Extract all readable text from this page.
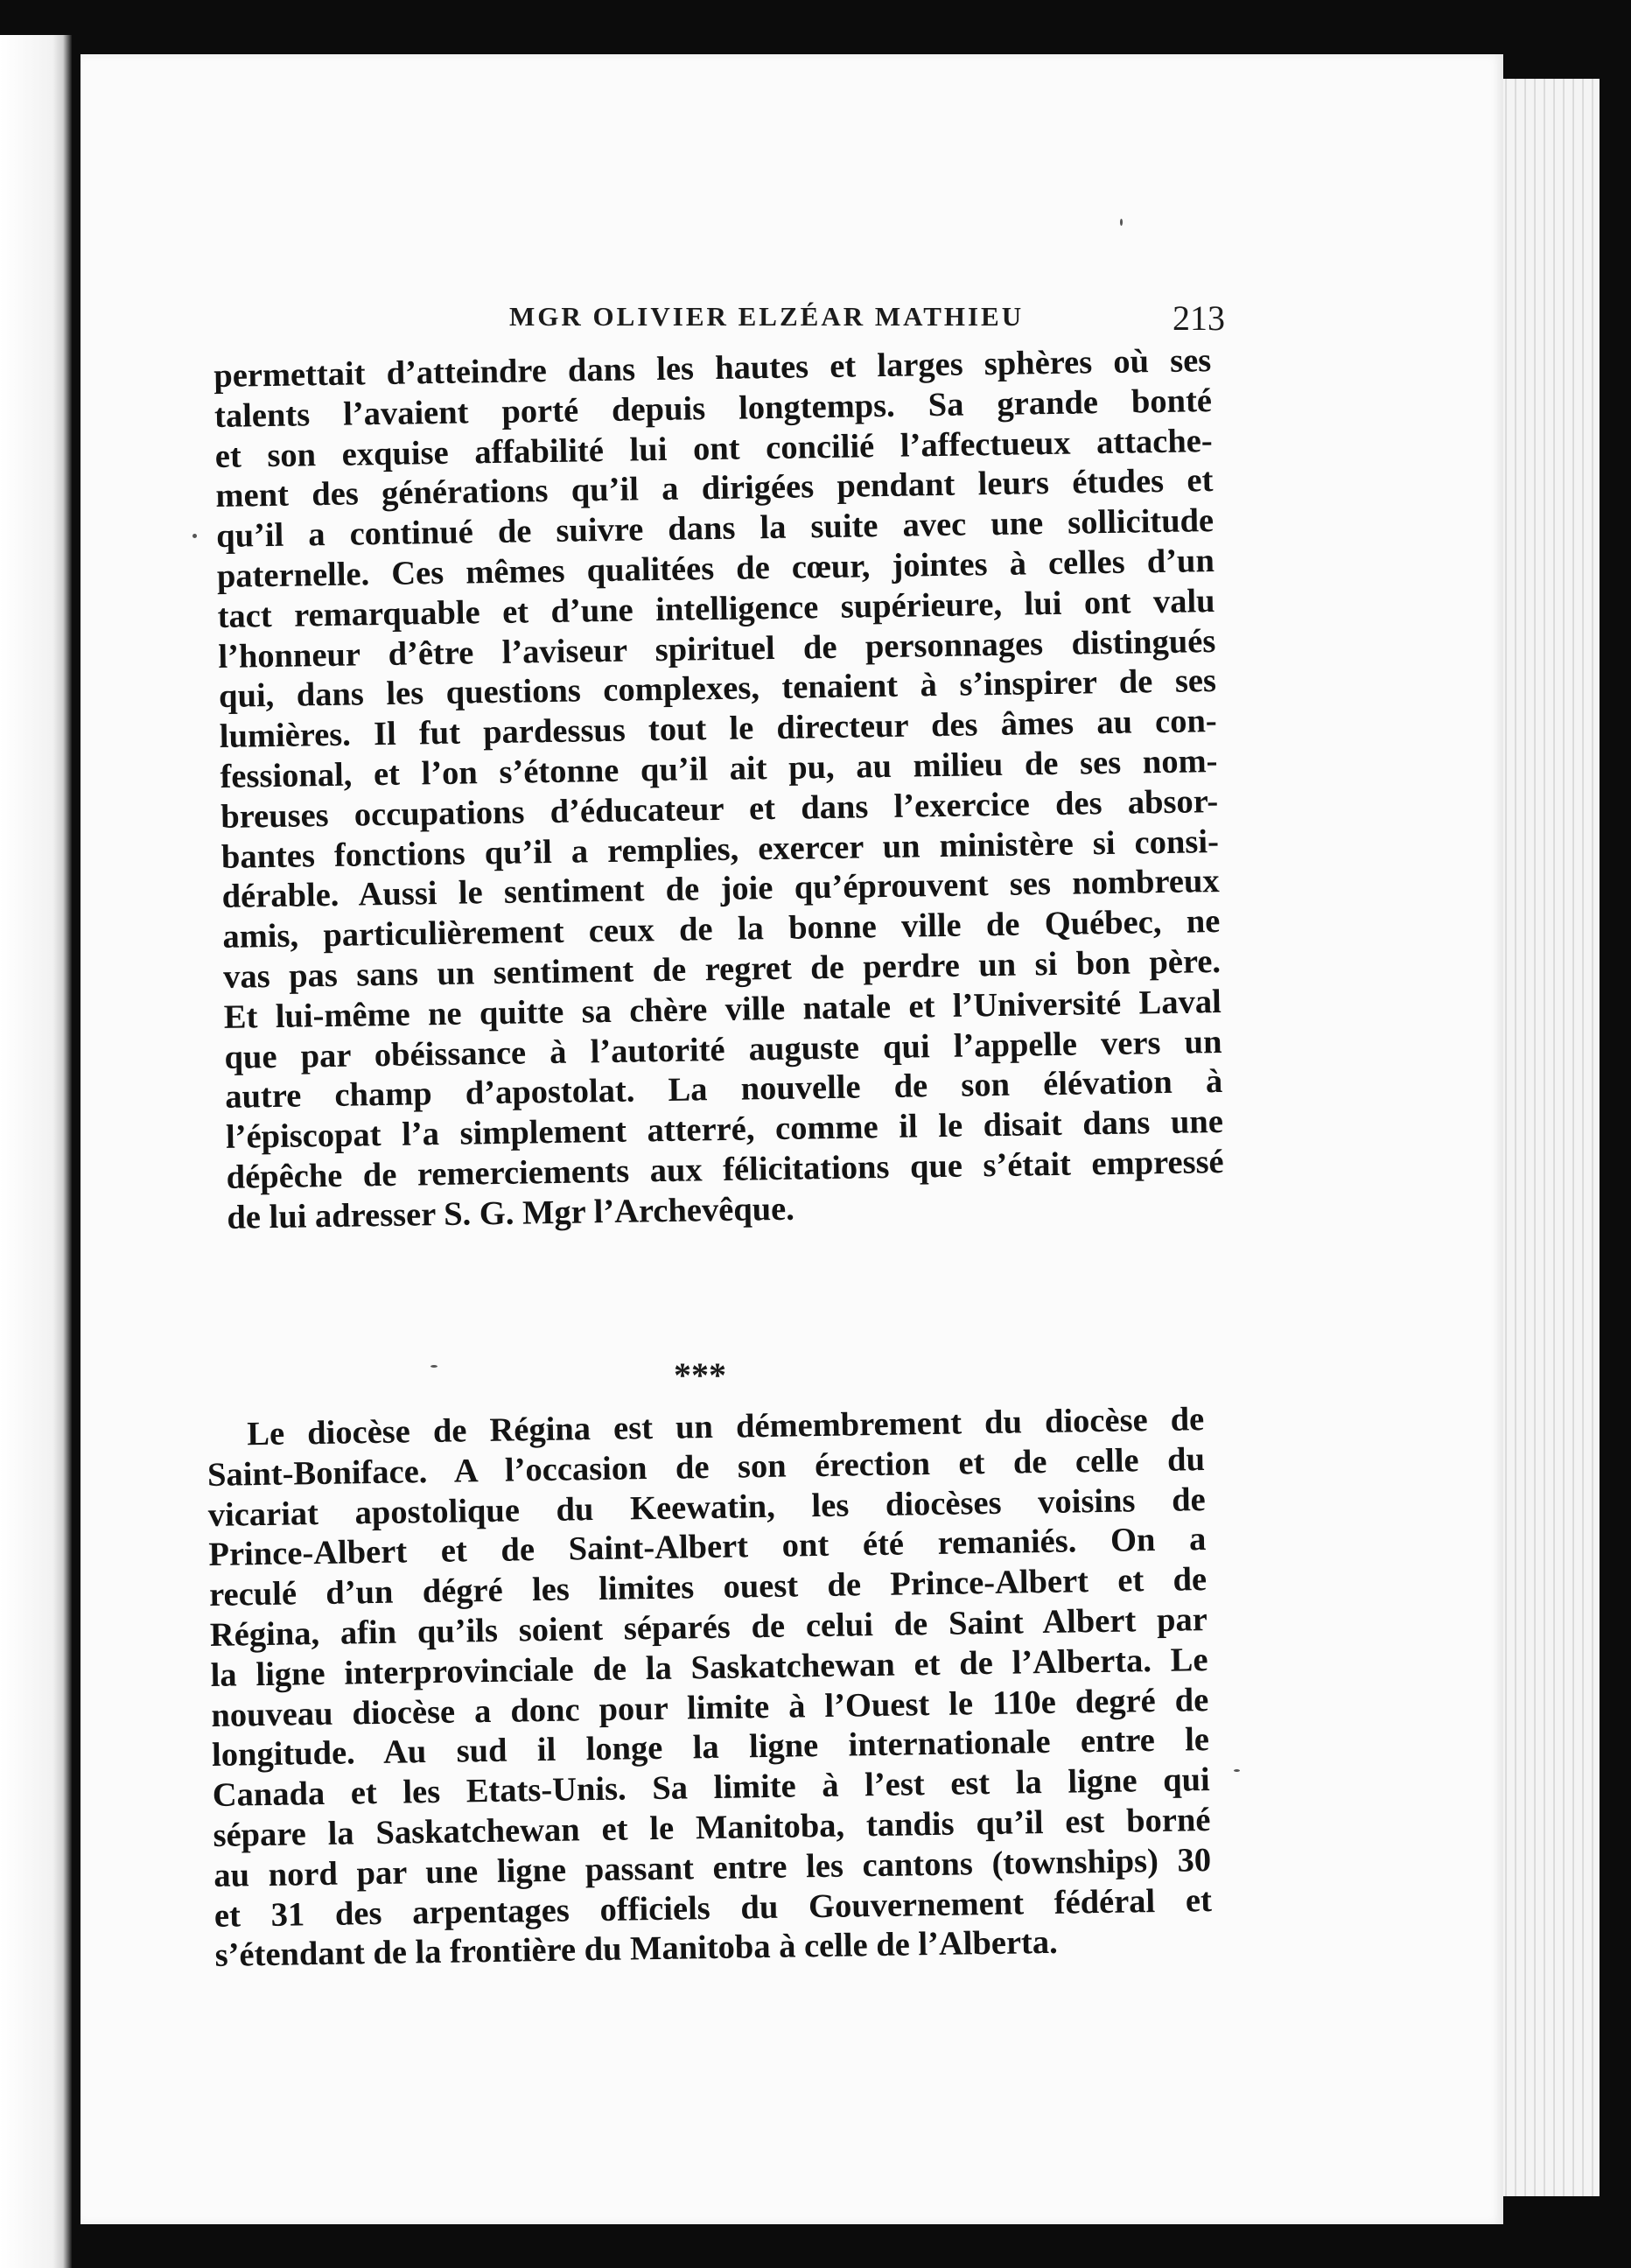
MGR OLIVIER ELZÉAR MATHIEU	213
permettait d’atteindre dans les hautes et larges sphères où ses
talents l’avaient porté depuis longtemps. Sa grande bonté
et son exquise affabilité lui ont concilié l’affectueux attache-
ment des générations qu’il a dirigées pendant leurs études et
qu’il a continué de suivre dans la suite avec une sollicitude
paternelle. Ces mêmes qualitées de cœur, jointes à celles d’un
tact remarquable et d’une intelligence supérieure, lui ont valu
l’honneur d’être l’aviseur spirituel de personnages distingués
qui, dans les questions complexes, tenaient à s’inspirer de ses
lumières. Il fut pardessus tout le directeur des âmes au con-
fessional, et l’on s’étonne qu’il ait pu, au milieu de ses nom-
breuses occupations d’éducateur et dans l’exercice des absor-
bantes fonctions qu’il a remplies, exercer un ministère si consi-
dérable. Aussi le sentiment de joie qu’éprouvent ses nombreux
amis, particulièrement ceux de la bonne ville de Québec, ne
vas pas sans un sentiment de regret de perdre un si bon père.
Et lui-même ne quitte sa chère ville natale et l’Université Laval
que par obéissance à l’autorité auguste qui l’appelle vers un
autre champ d’apostolat. La nouvelle de son élévation à
l’épiscopat l’a simplement atterré, comme il le disait dans une
dépêche de remerciements aux félicitations que s’était empressé
de lui adresser S. G. Mgr l’Archevêque.
***
Le diocèse de Régina est un démembrement du diocèse de
Saint-Boniface. A l’occasion de son érection et de celle du
vicariat apostolique du Keewatin, les diocèses voisins de
Prince-Albert et de Saint-Albert ont été remaniés. On a
reculé d’un dégré les limites ouest de Prince-Albert et de
Régina, afin qu’ils soient séparés de celui de Saint Albert par
la ligne interprovinciale de la Saskatchewan et de l’Alberta. Le
nouveau diocèse a donc pour limite à l’Ouest le 110e degré de
longitude. Au sud il longe la ligne internationale entre le
Canada et les Etats-Unis. Sa limite à l’est est la ligne qui
sépare la Saskatchewan et le Manitoba, tandis qu’il est borné
au nord par une ligne passant entre les cantons (townships) 30
et 31 des arpentages officiels du Gouvernement fédéral et
s’étendant de la frontière du Manitoba à celle de l’Alberta.
